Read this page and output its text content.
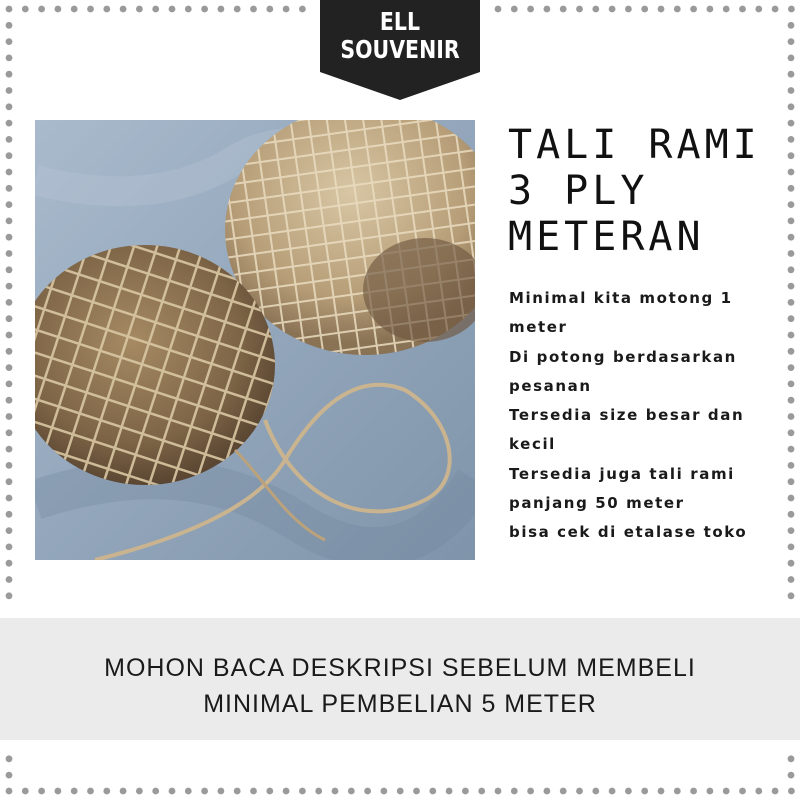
ELL
SOUVENIR
TALI RAMI
3 PLY
METERAN
Minimal kita motong 1
meter
Di potong berdasarkan
pesanan
Tersedia size besar dan
kecil
Tersedia juga tali rami
panjang 50 meter
bisa cek di etalase toko
MOHON BACA DESKRIPSI SEBELUM MEMBELI
MINIMAL PEMBELIAN 5 METER
